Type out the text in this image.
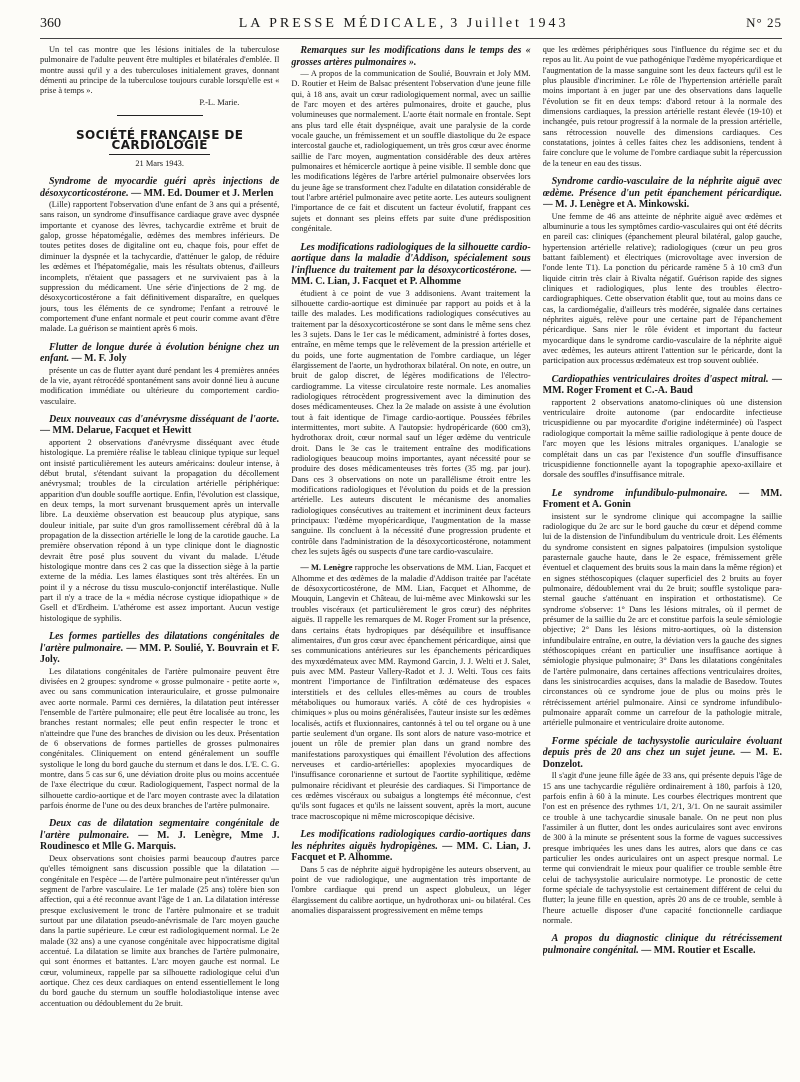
360	LA PRESSE MÉDICALE, 3 Juillet 1943	N° 25

Un tel cas montre que les lésions initiales de la tuberculose pulmonaire de l'adulte peuvent être multiples et bilatérales d'emblée. Il montre aussi qu'il y a des tuberculoses initialement graves, donnant démenti au principe de la tuberculose toujours curable lorsqu'elle est « prise à temps ».

P.-L. Marie.
SOCIÉTÉ FRANÇAISE DE CARDIOLOGIE
21 Mars 1943.
Syndrome de myocardie guéri après injections de désoxycorticostérone. — MM. Ed. Doumer et J. Merlen

(Lille) rapportent l'observation d'une enfant de 3 ans qui a présenté, sans raison, un syndrome d'insuffisance cardiaque grave avec dyspnée importante et cyanose des lèvres, tachycardie extrême et bruit de galop, grosse hépatomégalie, œdèmes des membres inférieurs. De toutes petites doses de digitaline ont eu, chaque fois, pour effet de diminuer la dyspnée et la tachycardie, d'atténuer le galop, de réduire les œdèmes et l'hépatomégalie, mais les résultats obtenus, d'ailleurs incomplets, n'étaient que passagers et ne survivaient pas à la suppression du médicament. Une série d'injections de 2 mg. de désoxycorticostérone a fait définitivement disparaître, en quelques jours, tous les éléments de ce syndrome; l'enfant a retrouvé le comportement d'une enfant normale et peut courir comme avant d'être malade. La guérison se maintient après 6 mois.

Flutter de longue durée à évolution bénigne chez un enfant. — M. F. Joly

présente un cas de flutter ayant duré pendant les 4 premières années de la vie, ayant rétrocédé spontanément sans avoir donné lieu à aucune modification immédiate ou ultérieure du comportement cardio-vasculaire.

Deux nouveaux cas d'anévrysme disséquant de l'aorte. — MM. Delarue, Facquet et Hewitt

apportent 2 observations d'anévrysme disséquant avec étude histologique. La première réalise le tableau clinique typique sur lequel ont insisté particulièrement les auteurs américains: douleur intense, à début brutal, s'étendant suivant la propagation du décollement anévrysmal; troubles de la circulation artérielle périphérique: apparition d'un double souffle aortique. Enfin, l'évolution est classique, en deux temps, la mort survenant brusquement après un intervalle libre. La deuxième observation est beaucoup plus atypique, sans douleur initiale, par suite d'un gros ramollissement cérébral dû à la propagation de la dissection artérielle le long de la carotide gauche. La première observation répond à un type clinique dont le diagnostic devrait être posé plus souvent du vivant du malade. L'étude histologique montre dans ces 2 cas que la dissection siège à la partie externe de la média. Les lames élastiques sont très altérées. En un point il y a nécrose du tissu musculo-conjonctif interélastique. Nulle part il n'y a trace de la « média nécrose cystique idiopathique » de Gsell et d'Erdheim. L'athérome est assez important. Aucun vestige histologique de syphilis.

Les formes partielles des dilatations congénitales de l'artère pulmonaire. — MM. P. Soulié, Y. Bouvrain et F. Joly.

Les dilatations congénitales de l'artère pulmonaire peuvent être divisées en 2 groupes: syndrome « grosse pulmonaire - petite aorte », avec ou sans communication interauriculaire, et grosse pulmonaire avec aorte normale. Parmi ces dernières, la dilatation peut intéresser l'ensemble de l'artère pulmonaire; elle peut être localisée au tronc, les branches restant normales; elle peut enfin respecter le tronc et n'atteindre que l'une des branches de division ou les deux. Présentation de 6 observations de formes partielles de grosses pulmonaires congénitales. Cliniquement on entend généralement un souffle systolique le long du bord gauche du sternum et dans le dos. L'E. C. G. montre, dans 5 cas sur 6, une déviation droite plus ou moins accentuée de l'axe électrique du cœur. Radiologiquement, l'aspect normal de la silhouette cardio-aortique et de l'arc moyen contraste avec la dilatation parfois énorme de l'une ou des deux branches de l'artère pulmonaire.

Deux cas de dilatation segmentaire congénitale de l'artère pulmonaire. — M. J. Lenègre, Mme J. Roudinesco et Mlle G. Marquis.

Deux observations sont choisies parmi beaucoup d'autres parce qu'elles témoignent sans discussion possible que la dilatation — congénitale en l'espèce — de l'artère pulmonaire peut n'intéresser qu'un segment de l'arbre vasculaire. Le 1er malade (25 ans) tolère bien son affection, qui a été reconnue avant l'âge de 1 an. La dilatation intéresse presque exclusivement le tronc de l'artère pulmonaire et se traduit surtout par une dilatation pseudo-anévrismale de l'arc moyen gauche dans la partie supérieure. Le cœur est radiologiquement normal. Le 2e malade (32 ans) a une cyanose congénitale avec hippocratisme digital accentué. La dilatation se limite aux branches de l'artère pulmonaire, qui sont énormes et battantes. L'arc moyen gauche est normal. Le cœur, volumineux, rappelle par sa silhouette radiologique celui d'un aortique. Chez ces deux cardiaques on entend essentiellement le long du bord gauche du sternum un souffle holodiastolique intense avec accentuation ou dédoublement du 2e bruit.

Remarques sur les modifications dans le temps des « grosses artères pulmonaires ».

— A propos de la communication de Soulié, Bouvrain et Joly MM. D. Routier et Heim de Balsac présentent l'observation d'une jeune fille qui, à 18 ans, avait un cœur radiologiquement normal, avec un saillie de l'arc moyen et des artères pulmonaires, droite et gauche, plus volumineuses que normalement. L'aorte était normale en frontale. Sept ans plus tard elle était dyspnéique, avait une paralysie de la corde vocale gauche, un frémissement et un souffle diastolique du 2e espace intercostal gauche et, radiologiquement, un très gros cœur avec énorme saillie de l'arc moyen, augmentation considérable des deux artères pulmonaires et hémicercle aortique à peine visible. Il semble donc que les modifications légères de l'arbre artériel pulmonaire observées lors du jeune âge se transforment chez l'adulte en dilatation considérable de tout l'arbre artériel pulmonaire avec petite aorte. Les auteurs soulignent l'importance de ce fait et discutent un facteur évolutif, frappant ces sujets et donnant ses pleins effets par suite d'une prédisposition congénitale.

Les modifications radiologiques de la silhouette cardio-aortique dans la maladie d'Addison, spécialement sous l'influence du traitement par la désoxycorticostérone. — MM. C. Lian, J. Facquet et P. Alhomme

étudient à ce point de vue 3 addisoniens. Avant traitement la silhouette cardio-aortique est diminuée par rapport au poids et à la taille des malades. Les modifications radiologiques consécutives au traitement par la désoxycorticostérone se sont dans le même sens chez les 3 sujets. Dans le 1er cas le médicament, administré à fortes doses, entraîne, en même temps que le relèvement de la pression artérielle et du poids, une forte augmentation de l'ombre cardiaque, un léger élargissement de l'aorte, un hydrothorax bilatéral. On note, en outre, un bruit de galop discret, de légères modifications de l'électro-cardiogramme. La vitesse circulatoire reste normale. Les anomalies radiologiques rétrocèdent progressivement avec la diminution des doses médicamenteuses. Chez la 2e malade on assiste à une évolution tout à fait identique de l'image cardio-aortique. Poussées fébriles intermittentes, mort subite. A l'autopsie: hydropéricarde (600 cm3), hydrothorax droit, cœur normal sauf un léger œdème du ventricule droit. Dans le 3e cas le traitement entraîne des modifications radiologiques beaucoup moins importantes, ayant nécessité pour se produire des doses médicamenteuses très fortes (35 mg. par jour). Dans ces 3 observations on note un parallélisme étroit entre les modifications radiologiques et l'évolution du poids et de la pression artérielle. Les auteurs discutent le mécanisme des anomalies radiologiques consécutives au traitement et incriminent deux facteurs principaux: l'œdème myopéricardique, l'augmentation de la masse sanguine. Ils concluent à la nécessité d'une progression prudente et contrôle dans l'administration de la désoxycorticostérone, notamment chez les sujets âgés ou suspects d'une tare cardio-vasculaire.

— M. Lenègre rapproche les observations de MM. Lian, Facquet et Alhomme et des œdèmes de la maladie d'Addison traitée par l'acétate de désoxycorticostérone, de MM. Lian, Facquet et Alhomme, de Mouquin, Langevin et Château, de lui-même avec Minkowski sur les troubles viscéraux (et particulièrement le gros cœur) des néphrites aiguës. Il rappelle les remarques de M. Roger Froment sur la présence, dans certains états hydropiques par déséquilibre et insuffisance alimentaires, d'un gros cœur avec épanchement péricardique, ainsi que ses communications antérieures sur les épanchements péricardiques des myxœdémateux avec MM. Raymond Garcin, J. J. Welti et J. Salet, puis avec MM. Pasteur Vallery-Radot et J. J. Welti. Tous ces faits montrent l'importance de l'infiltration œdémateuse des espaces interstitiels et des cellules elles-mêmes au cours de troubles métaboliques ou humoraux variés. A côté de ces hydropisies « chimiques » plus ou moins généralisées, l'auteur insiste sur les œdèmes localisés, actifs et fluxionnaires, cantonnés à tel ou tel organe ou à une partie seulement d'un organe. Ils sont alors de nature vaso-motrice et jouent un rôle de premier plan dans un grand nombre des manifestations paroxystiques qui émaillent l'évolution des affections nerveuses et cardio-artérielles: apoplexies myocardiques de l'insuffisance coronarienne et surtout de l'aortite syphilitique, œdème pulmonaire récidivant et pleurésie des cardiaques. Si l'importance de ces œdèmes viscéraux ou subaigus a longtemps été méconnue, c'est qu'ils sont fugaces et qu'ils ne laissent souvent, après la mort, aucune trace macroscopique ni même microscopique décisive.

Les modifications radiologiques cardio-aortiques dans les néphrites aiguës hydropigènes. — MM. C. Lian, J. Facquet et P. Alhomme.

Dans 5 cas de néphrite aiguë hydropigène les auteurs observent, au point de vue radiologique, une augmentation très importante de l'ombre cardiaque qui prend un aspect globuleux, un léger élargissement du calibre aortique, un hydrothorax uni- ou bilatéral. Ces anomalies disparaissent progressivement en même temps

que les œdèmes périphériques sous l'influence du régime sec et du repos au lit. Au point de vue pathogénique l'œdème myopéricardique et l'augmentation de la masse sanguine sont les deux facteurs qu'il est le plus plausible d'incriminer. Le rôle de l'hypertension artérielle paraît moins important à en juger par une des observations dans laquelle l'évolution se fit en deux temps: d'abord retour à la normale des dimensions cardiaques, la pression artérielle restant élevée (19-10) et inchangée, puis retour progressif à la normale de la pression artérielle, sans rétrocession nouvelle des dimensions cardiaques. Ces constatations, jointes à celles faites chez les addisoniens, tendent à faire conclure que le volume de l'ombre cardiaque subit la répercussion de la teneur en eau des tissus.

Syndrome cardio-vasculaire de la néphrite aiguë avec œdème. Présence d'un petit épanchement péricardique. — M. J. Lenègre et A. Minkowski.

Une femme de 46 ans atteinte de néphrite aiguë avec œdèmes et albuminurie a tous les symptômes cardio-vasculaires qui ont été décrits en pareil cas: cliniques (épanchement pleural bilatéral, galop gauche, hypertension artérielle relative); radiologiques (cœur un peu gros battant faiblement) et électriques (microvoltage avec inversion de l'onde lente T1). La ponction du péricarde ramène 5 à 10 cm3 d'un liquide citrin très clair à Rivalta négatif. Guérison rapide des signes cliniques et radiologiques, plus lente des troubles électro-cardiographiques. Cette observation établit que, tout au moins dans ce cas, la cardiomégalie, d'ailleurs très modérée, signalée dans certaines néphrites aiguës, relève pour une certaine part de l'épanchement péricardique. Sans nier le rôle évident et important du facteur myocardique dans le syndrome cardio-vasculaire de la néphrite aiguë avec œdèmes, les auteurs attirent l'attention sur le péricarde, dont la participation aux processus œdémateux est trop souvent oubliée.

Cardiopathies ventriculaires droites d'aspect mitral. — MM. Roger Froment et C.-A. Baud

rapportent 2 observations anatomo-cliniques où une distension ventriculaire droite autonome (par endocardite infectieuse tricuspidienne ou par myocardite d'origine indéterminée) où l'aspect radiologique comportait la même saillie radiologique à pente douce de l'arc moyen que les lésions mitrales organiques. L'analogie se complétait dans un cas par l'existence d'un souffle d'insuffisance tricuspidienne fonctionnelle ayant la topographie apexo-axillaire et dorsale des souffles d'insuffisance mitrale.

Le syndrome infundibulo-pulmonaire. — MM. Froment et A. Gonin

insistent sur le syndrome clinique qui accompagne la saillie radiologique du 2e arc sur le bord gauche du cœur et dépend comme lui de la distension de l'infundibulum du ventricule droit. Les éléments du syndrome consistent en signes palpatoires (impulsion systolique parasternale gauche haute, dans le 2e espace, frémissement grêle éventuel et claquement des bruits sous la main dans la même région) et en signes stéthoscopiques (claquer superficiel des 2 bruits au foyer pulmonaire, dédoublement vrai du 2e bruit; souffle systolique para-sternal gauche s'atténuant en inspiration et orthostatisme). Ce syndrome s'observe: 1° Dans les lésions mitrales, où il permet de présumer de la saillie du 2e arc et constitue parfois la seule sémiologie objective; 2° Dans les lésions mitro-aortiques, où la distension infundibulaire entraîne, en outre, la déviation vers la gauche des signes stéthoscopiques créant en particulier une insuffisance aortique à sémiologie physique pulmonaire; 3° Dans les dilatations congénitales de l'artère pulmonaire, dans certaines affections ventriculaires droites, dans les sinistrocardies acquises, dans la maladie de Basedow. Toutes circonstances où ce syndrome joue de plus ou moins près le rétrécissement artériel pulmonaire. Ainsi ce syndrome infundibulo-pulmonaire apparaît comme un carrefour de la pathologie mitrale, artérielle pulmonaire et ventriculaire droite autonome.

Forme spéciale de tachysystolie auriculaire évoluant depuis près de 20 ans chez un sujet jeune. — M. E. Donzelot.

Il s'agit d'une jeune fille âgée de 33 ans, qui présente depuis l'âge de 15 ans une tachycardie régulière ordinairement à 180, parfois à 120, parfois enfin à 60 à la minute. Les courbes électriques montrent que l'on est en présence des rythmes 1/1, 2/1, 3/1. On ne saurait assimiler ce trouble à une tachycardie sinusale banale. On ne peut non plus l'assimiler à un flutter, dont les ondes auriculaires sont avec environs de 300 à la minute se présentent sous la forme de vagues successives presque imbriquées les unes dans les autres, alors que dans ce cas particulier les ondes auriculaires ont un aspect presque normal. Le terme qui conviendrait le mieux pour qualifier ce trouble semble être celui de tachysystolie auriculaire normotype. Le pronostic de cette forme spéciale de tachysystolie est certainement différent de celui du flutter; la jeune fille en question, après 20 ans de ce trouble, semble à l'heure actuelle disposer d'une capacité fonctionnelle cardiaque normale.

A propos du diagnostic clinique du rétrécissement pulmonaire congénital. — MM. Routier et Escalle.
